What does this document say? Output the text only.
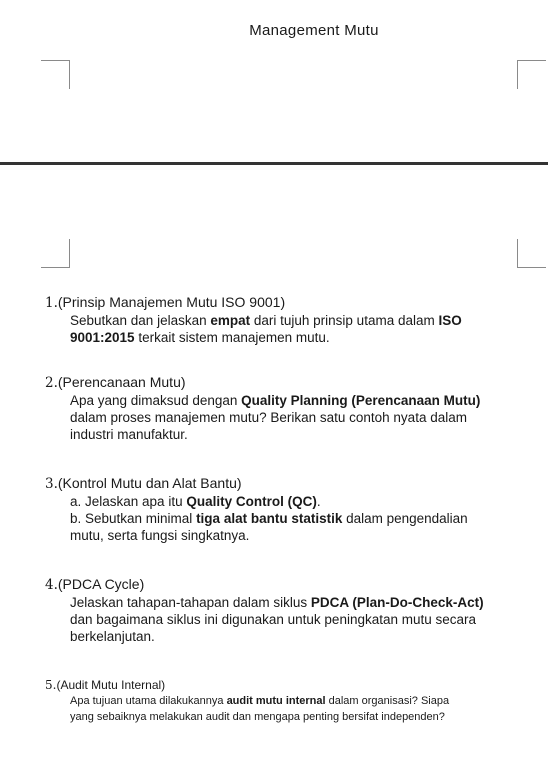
Management Mutu
1.(Prinsip Manajemen Mutu ISO 9001)
Sebutkan dan jelaskan empat dari tujuh prinsip utama dalam ISO
9001:2015 terkait sistem manajemen mutu.
2.(Perencanaan Mutu)
Apa yang dimaksud dengan Quality Planning (Perencanaan Mutu)
dalam proses manajemen mutu? Berikan satu contoh nyata dalam
industri manufaktur.
3.(Kontrol Mutu dan Alat Bantu)
a. Jelaskan apa itu Quality Control (QC).
b. Sebutkan minimal tiga alat bantu statistik dalam pengendalian
mutu, serta fungsi singkatnya.
4.(PDCA Cycle)
Jelaskan tahapan-tahapan dalam siklus PDCA (Plan-Do-Check-Act)
dan bagaimana siklus ini digunakan untuk peningkatan mutu secara
berkelanjutan.
5.(Audit Mutu Internal)
Apa tujuan utama dilakukannya audit mutu internal dalam organisasi? Siapa
yang sebaiknya melakukan audit dan mengapa penting bersifat independen?
